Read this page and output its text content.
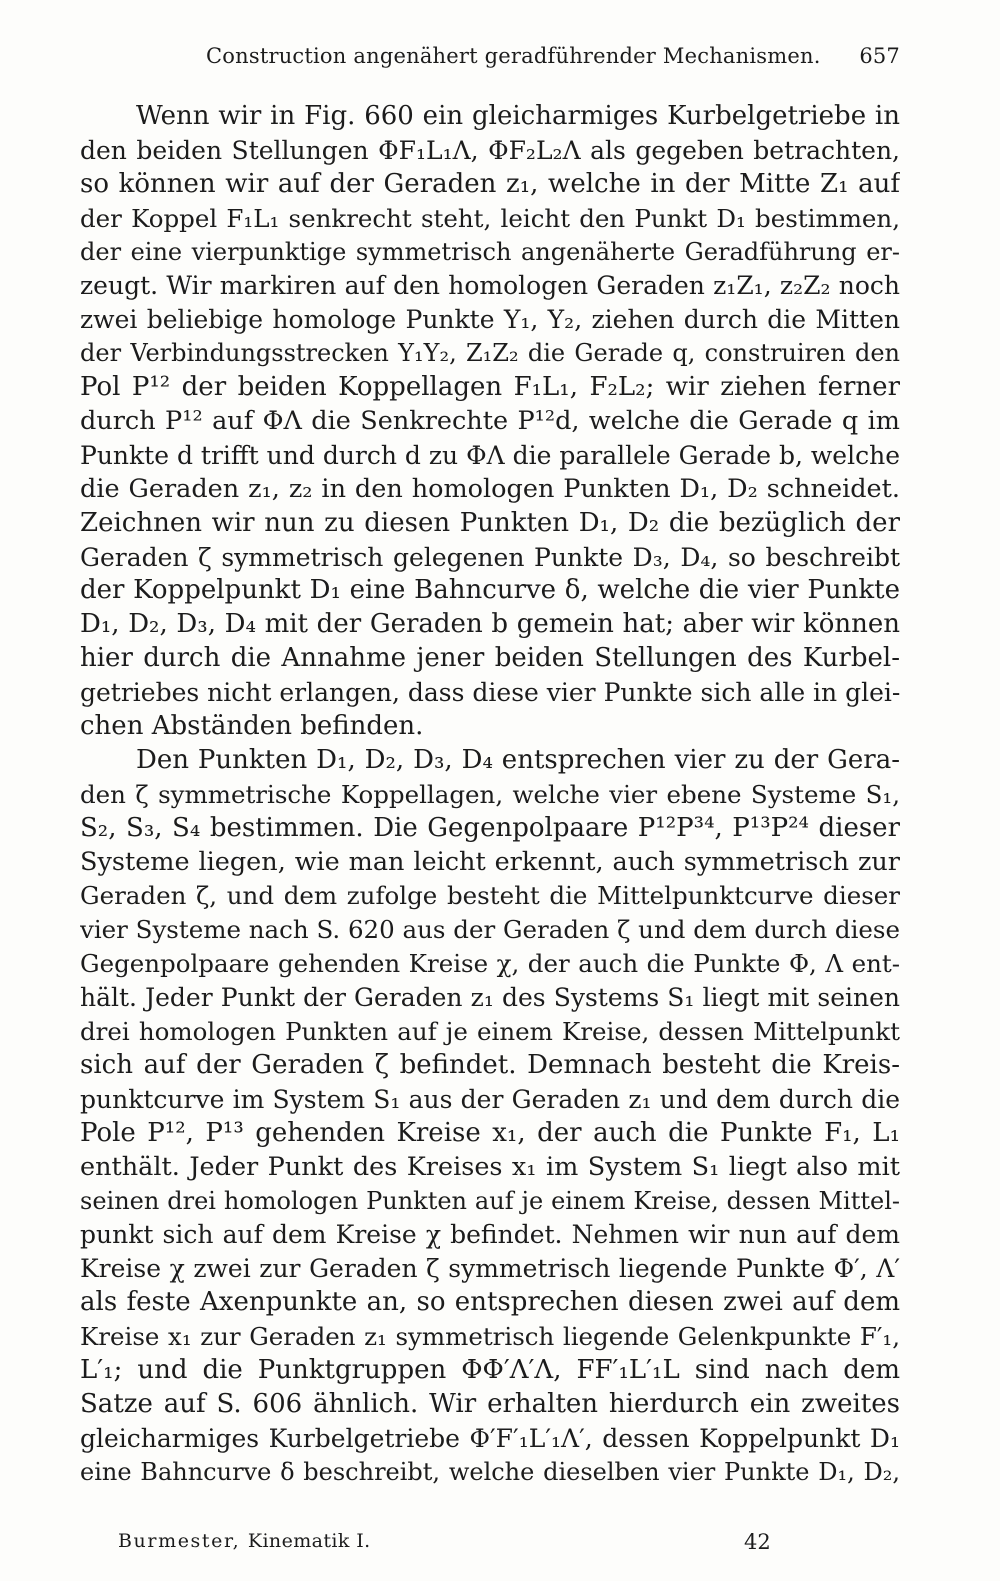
Construction angenähert geradführender Mechanismen. 657
Wenn wir in Fig. 660 ein gleicharmiges Kurbelgetriebe in
den beiden Stellungen ΦF₁L₁Λ, ΦF₂L₂Λ als gegeben betrachten,
so können wir auf der Geraden z₁, welche in der Mitte Z₁ auf
der Koppel F₁L₁ senkrecht steht, leicht den Punkt D₁ bestimmen,
der eine vierpunktige symmetrisch angenäherte Geradführung er-
zeugt. Wir markiren auf den homologen Geraden z₁Z₁, z₂Z₂ noch
zwei beliebige homologe Punkte Y₁, Y₂, ziehen durch die Mitten
der Verbindungsstrecken Y₁Y₂, Z₁Z₂ die Gerade q, construiren den
Pol P¹² der beiden Koppellagen F₁L₁, F₂L₂; wir ziehen ferner
durch P¹² auf ΦΛ die Senkrechte P¹²d, welche die Gerade q im
Punkte d trifft und durch d zu ΦΛ die parallele Gerade b, welche
die Geraden z₁, z₂ in den homologen Punkten D₁, D₂ schneidet.
Zeichnen wir nun zu diesen Punkten D₁, D₂ die bezüglich der
Geraden ζ symmetrisch gelegenen Punkte D₃, D₄, so beschreibt
der Koppelpunkt D₁ eine Bahncurve δ, welche die vier Punkte
D₁, D₂, D₃, D₄ mit der Geraden b gemein hat; aber wir können
hier durch die Annahme jener beiden Stellungen des Kurbel-
getriebes nicht erlangen, dass diese vier Punkte sich alle in glei-
chen Abständen befinden.
Den Punkten D₁, D₂, D₃, D₄ entsprechen vier zu der Gera-
den ζ symmetrische Koppellagen, welche vier ebene Systeme S₁,
S₂, S₃, S₄ bestimmen. Die Gegenpolpaare P¹²P³⁴, P¹³P²⁴ dieser
Systeme liegen, wie man leicht erkennt, auch symmetrisch zur
Geraden ζ, und dem zufolge besteht die Mittelpunktcurve dieser
vier Systeme nach S. 620 aus der Geraden ζ und dem durch diese
Gegenpolpaare gehenden Kreise χ, der auch die Punkte Φ, Λ ent-
hält. Jeder Punkt der Geraden z₁ des Systems S₁ liegt mit seinen
drei homologen Punkten auf je einem Kreise, dessen Mittelpunkt
sich auf der Geraden ζ befindet. Demnach besteht die Kreis-
punktcurve im System S₁ aus der Geraden z₁ und dem durch die
Pole P¹², P¹³ gehenden Kreise x₁, der auch die Punkte F₁, L₁
enthält. Jeder Punkt des Kreises x₁ im System S₁ liegt also mit
seinen drei homologen Punkten auf je einem Kreise, dessen Mittel-
punkt sich auf dem Kreise χ befindet. Nehmen wir nun auf dem
Kreise χ zwei zur Geraden ζ symmetrisch liegende Punkte Φ′, Λ′
als feste Axenpunkte an, so entsprechen diesen zwei auf dem
Kreise x₁ zur Geraden z₁ symmetrisch liegende Gelenkpunkte F′₁,
L′₁; und die Punktgruppen ΦΦ′Λ′Λ, FF′₁L′₁L sind nach dem
Satze auf S. 606 ähnlich. Wir erhalten hierdurch ein zweites
gleicharmiges Kurbelgetriebe Φ′F′₁L′₁Λ′, dessen Koppelpunkt D₁
eine Bahncurve δ beschreibt, welche dieselben vier Punkte D₁, D₂,
Burmester, Kinematik I.	42
